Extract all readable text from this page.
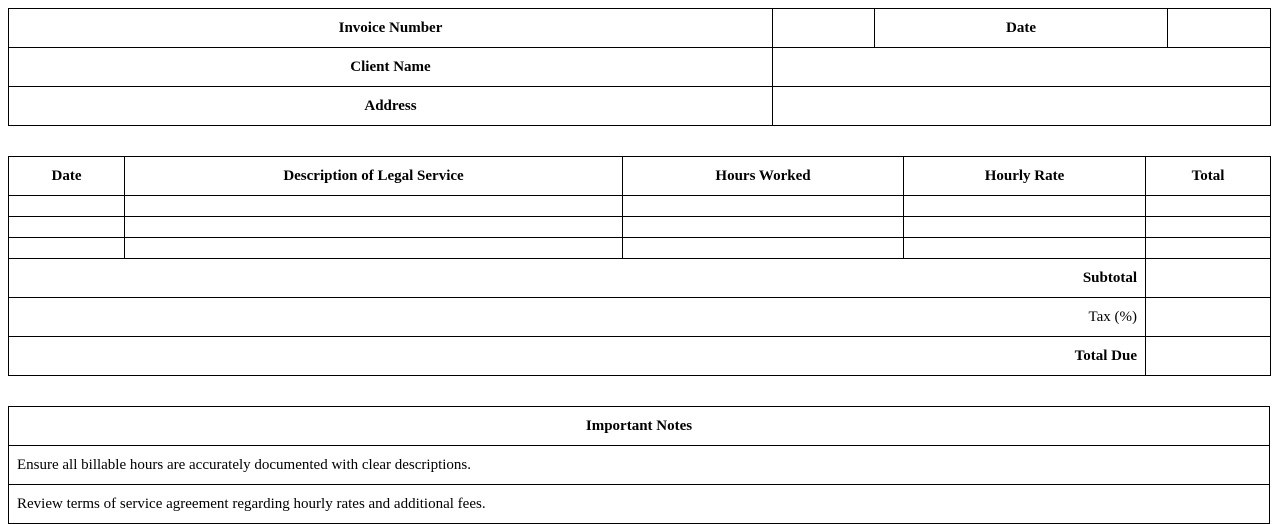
Invoice Number		Date	
Client Name			
Address			
Date	Description of Legal Service	Hours Worked	Hourly Rate	Total

Subtotal				
Tax (%)				
Total Due				
Important Notes
Ensure all billable hours are accurately documented with clear descriptions.
Review terms of service agreement regarding hourly rates and additional fees.
